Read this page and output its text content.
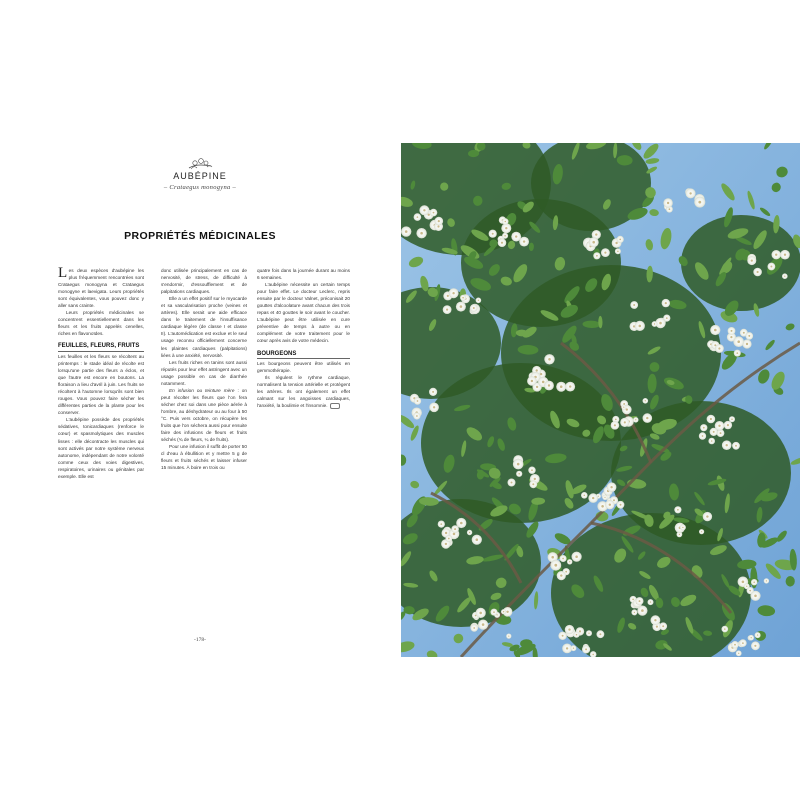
AUBÉPINE
– Crataegus monogyna –
PROPRIÉTÉS MÉDICINALES

Les deux espèces d'aubépine les plus fréquemment rencontrées sont Crataegus monogyna et Crataegus monogyne et laevigata. Leurs propriétés sont équivalentes, vous pouvez donc y aller sans crainte.

Leurs propriétés médicinales se concentrent essentiellement dans les fleurs et les fruits appelés cenelles, riches en flavonoïdes.

FEUILLES, FLEURS, FRUITS

Les feuilles et les fleurs se récoltent au printemps : le stade idéal de récolte est lorsqu'une partie des fleurs a éclos, et que l'autre est encore en boutons. La floraison a lieu d'avril à juin. Les fruits se récoltent à l'automne lorsqu'ils sont bien rouges. Vous pouvez faire sécher les différentes parties de la plante pour les conserver.

L'aubépine possède des propriétés sédatives, tonicardiaques (renforce le cœur) et spasmolytiques des muscles lisses : elle décontracte les muscles qui sont activés par notre système nerveux autonome, indépendant de notre volonté comme ceux des voies digestives, respiratoires, urinaires ou génitales par exemple. Elle est

donc utilisée principalement en cas de nervosité, de stress, de difficulté à s'endormir, d'essoufflement et de palpitations cardiaques.

Elle a un effet positif sur le myocarde et sa vascularisation proche (veines et artères). Elle serait une aide efficace dans le traitement de l'insuffisance cardiaque légère (de classe I et classe II). L'automédication est exclue et le seul usage reconnu officiellement concerne les plaintes cardiaques (palpitations) liées à une anxiété, nervosité.

Les fruits riches en tanins sont aussi réputés pour leur effet astringent avec un usage possible en cas de diarrhée notamment.

En infusion ou teinture mère : on peut récolter les fleurs que l'on fera sécher chez soi dans une pièce aérée à l'ombre, au déshydrateur ou au four à 50 °C. Puis vers octobre, on récupère les fruits que l'on séchera aussi pour ensuite faire des infusions de fleurs et fruits séchés (¾ de fleurs, ¼ de fruits).

Pour une infusion il suffit de porter 50 cl d'eau à ébullition et y mettre 5 g de fleurs et fruits séchés et laisser infuser 15 minutes. À boire en trois ou

quatre fois dans la journée durant au moins 6 semaines.

L'aubépine nécessite un certain temps pour faire effet. Le docteur Leclerc, repris ensuite par le docteur Valnet, préconisait 20 gouttes d'alcoolature avant chacun des trois repas et 40 gouttes le soir avant le coucher. L'aubépine peut être utilisée en cure préventive de temps à autre ou en complément de votre traitement pour le cœur après avis de votre médecin.

BOURGEONS

Les bourgeons peuvent être utilisés en gemmothérapie.

Ils régulent le rythme cardiaque, normalisent la tension artérielle et protègent les artères. Ils ont également un effet calmant sur les angoisses cardiaques, l'anxiété, la boulimie et l'insomnie.

-178-
